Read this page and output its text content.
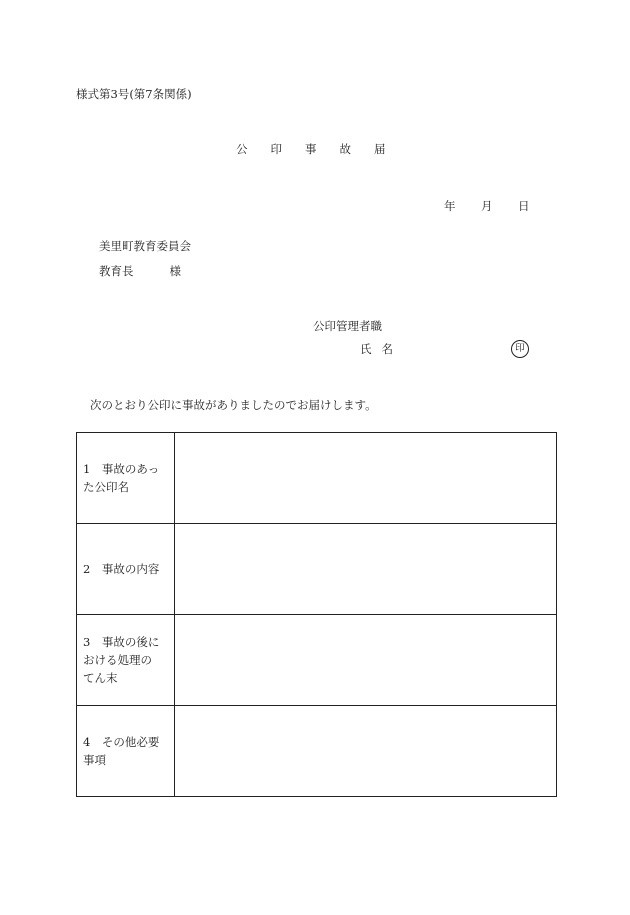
様式第3号(第7条関係)
公	印	事	故	届
年	月	日
美里町教育委員会
教育長	様
公印管理者職
氏名	印
次のとおり公印に事故がありましたのでお届けします。
1　事故のあっ
た公印名	

2　事故の内容	

3　事故の後に
おける処理の
てん末	

4　その他必要
事項	
